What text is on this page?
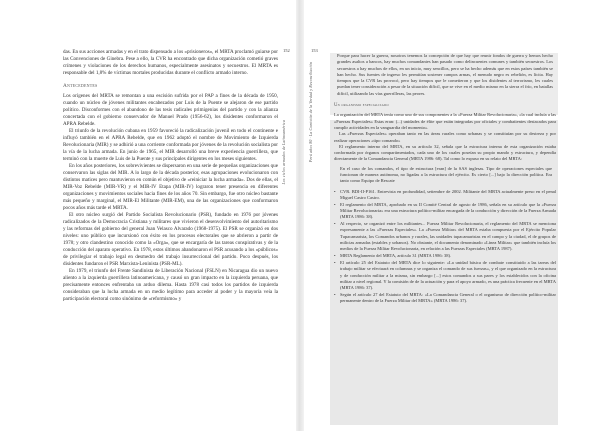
152
Los ciclos armados de Latinoamérica

das. En sus acciones armadas y en el trato dispensado a los «prisioneros», el MRTA proclamó guiarse por las Convenciones de Ginebra. Pese a ello, la CVR ha encontrado que dicha organización cometió graves crímenes y violaciones de los derechos humanos, especialmente asesinatos y secuestros. El MRTA es responsable del 1,8% de víctimas mortales producidas durante el conflicto armado interno.

Antecedentes

Los orígenes del MRTA se remontan a una escisión sufrida por el PAP a fines de la década de 1950, cuando un núcleo de jóvenes militantes encabezados por Luis de la Puente se alejaron de ese partido político. Disconformes con el abandono de las tesis radicales primigenias del partido y con la alianza concertada con el gobierno conservador de Manuel Prado (1956-62), los disidentes conformaron el APRA Rebelde.

El triunfo de la revolución cubana en 1959 favoreció la radicalización juvenil en todo el continente e influyó también en el APRA Rebelde, que en 1962 adoptó el nombre de Movimiento de Izquierda Revolucionaria (MIR) y se adhirió a una corriente conformada por jóvenes de la revolución socialista por la vía de la lucha armada. En junio de 1965, el MIR desarrolló una breve experiencia guerrillera, que terminó con la muerte de Luis de la Puente y sus principales dirigentes en los meses siguientes.

En los años posteriores, los sobrevivientes se dispersaron en una serie de pequeñas organizaciones que conservaron las siglas del MIR. A lo largo de la década posterior, esas agrupaciones evolucionaron con distintos matices pero mantuvieron en común el objetivo de «reiniciar la lucha armada». Dos de ellas, el MIR-Voz Rebelde (MIR-VR) y el MIR-IV Etapa (MIR-IV) lograron tener presencia en diferentes organizaciones y movimientos sociales hacia fines de los años 70. Sin embargo, fue otro núcleo bastante más pequeño y marginal, el MIR-El Militante (MIR-EM), una de las organizaciones que conformaron pocos años más tarde el MRTA.

El otro núcleo surgió del Partido Socialista Revolucionario (PSR), fundado en 1976 por jóvenes radicalizados de la Democracia Cristiana y militares que vivieron el desenvolvimiento del autoritarismo y las reformas del gobierno del general Juan Velasco Alvarado (1968-1975). El PSR se organizó en dos niveles: uno público que incursionó con éxito en los procesos electorales que se abrieron a partir de 1978; y otro clandestino conocido como la «Orga», que se encargaría de las tareas conspirativas y de la conducción del aparato operativo. En 1978, estos últimos abandonaron el PSR acusando a los «públicos» de privilegiar el trabajo legal en desmedro del trabajo insurreccional del partido. Poco después, los disidentes fundaron el PSR Marxista-Leninista (PSR-ML).

En 1979, el triunfo del Frente Sandinista de Liberación Nacional (FSLN) en Nicaragua dio un nuevo aliento a la izquierda guerrillera latinoamericana, y causó un gran impacto en la izquierda peruana, que precisamente entonces enfrentaba un arduo dilema. Hasta 1978 casi todos los partidos de izquierda consideraban que la lucha armada en un medio legítimo para acceder al poder y la mayoría veía la participación electoral como sinónimo de «reformismo» y

153
Perú años 80 · La Comisión de la Verdad y Reconciliación

Porque para hacer la guerra, nosotros tenemos la concepción de que hay que reunir fondos de guerra y hemos hecho grandes asaltos a bancos, hay muchos comandantes han pasado como delincuentes comunes y también secuestros. Los secuestros a hay muchos de ellos, en un inicio, muy sencillos, pero se ha hecho además que en estos países también se han hecho. Sus fuentes de ingreso les permitían sostener campos armas, el menudo negro es rebelión, es lícita. Hay tiempos que la CVR las provocó, pero hay tiempos que le cometieron y que los disidentes al terrorismo, les cuales puedan tener consideración a pesar de la situación difícil, que se vive en el medio mismo en la sierra el frío, en batallas difícil, utilizando las vías guerrilleras, las peores.

Un organismo especializado

La organización del MRTA tenía como uno de sus componentes a la «Fuerza Militar Revolucionaria», «la cual incluía a las «Fuerzas Especiales» Estas eran: (...) unidades de élite que están integradas por oficiales y combatientes destacados para cumplir actividades en la vanguardia del momento».

Las «Fuerzas Especiales» operaban tanto en las áreas rurales como urbanas y se constituían por su destreza y por realizar operaciones «tipo comando»

El reglamento interno del MRTA, en su artículo 32, señala que la estructura interna de esta organización estaba conformada por órganos compartimentados, cada uno de los cuales poseían su propio mando y estructura, y dependía directamente de la Comandancia General (MRTA 1986: 68). Tal como lo expuso en su relato del MRTA:

En el caso de los comandos, el tipo de estructura [eran] de la SAS inglesas. Tipo de operaciones especiales que funcionan de manera autónoma, no ligadas a la estructura del ejército. Es cierto [...] bajo la dirección política. Era tanto como Equipo de Rescate

• CVR. BDI-II-P161. Entrevista en profundidad, setiembre de 2002. Militante del MRTA actualmente preso en el penal Miguel Castro Castro.
• El reglamento del MRTA, aprobado en su II Comité Central de agosto de 1986, señala en su artículo que la «Fuerza Militar Revolucionaria» era una estructura político-militar encargada de la conducción y dirección de la Fuerza Armada (MRTA 1986: 38).
• Al respecto, se organizó entre los militantes... Fuerza Militar Revolucionaria, el reglamento del MRTA se menciona expresamente a las «Fuerzas Especiales». La «Fuerza Militar» del MRTA estaba compuesta por el Ejército Popular Tupacamarista, los Comandos urbanos y rurales, las unidades tupacamaristas en el campo y la ciudad, el de grupos de milicias armadas (estables y urbanos). No obstante, el documento denominado «Línea Militar» que también incluía los medios de la Fuerza Militar Revolucionaria, en relación a las Fuerzas Especiales (MRTA 1987).
• MRTA Reglamento del MRTA, artículo 31 (MRTA 1986: 38).
• El artículo 25 del Estatuto del MRTA dice lo siguiente: «La unidad básica de combate constituido a las tareas del trabajo militar se efectuará en columnas y se organiza el comando de sus fuerzas», y el que organizado en la estructura y de conducción militar a la misma, sin embargo [...] estos comandos a sus pares y los establecidos con la oficina militar a nivel regional. Y la comisión de de la actuación y para el apoyo armado, es una práctica frecuente en el MRTA (MRTA 1986: 37).
• Según el artículo 27 del Estatuto del MRTA: «La Comandancia General o el organismo de dirección político-militar permanente dentro de la Fuerza Militar del MRTA» (MRTA 1986: 37).
